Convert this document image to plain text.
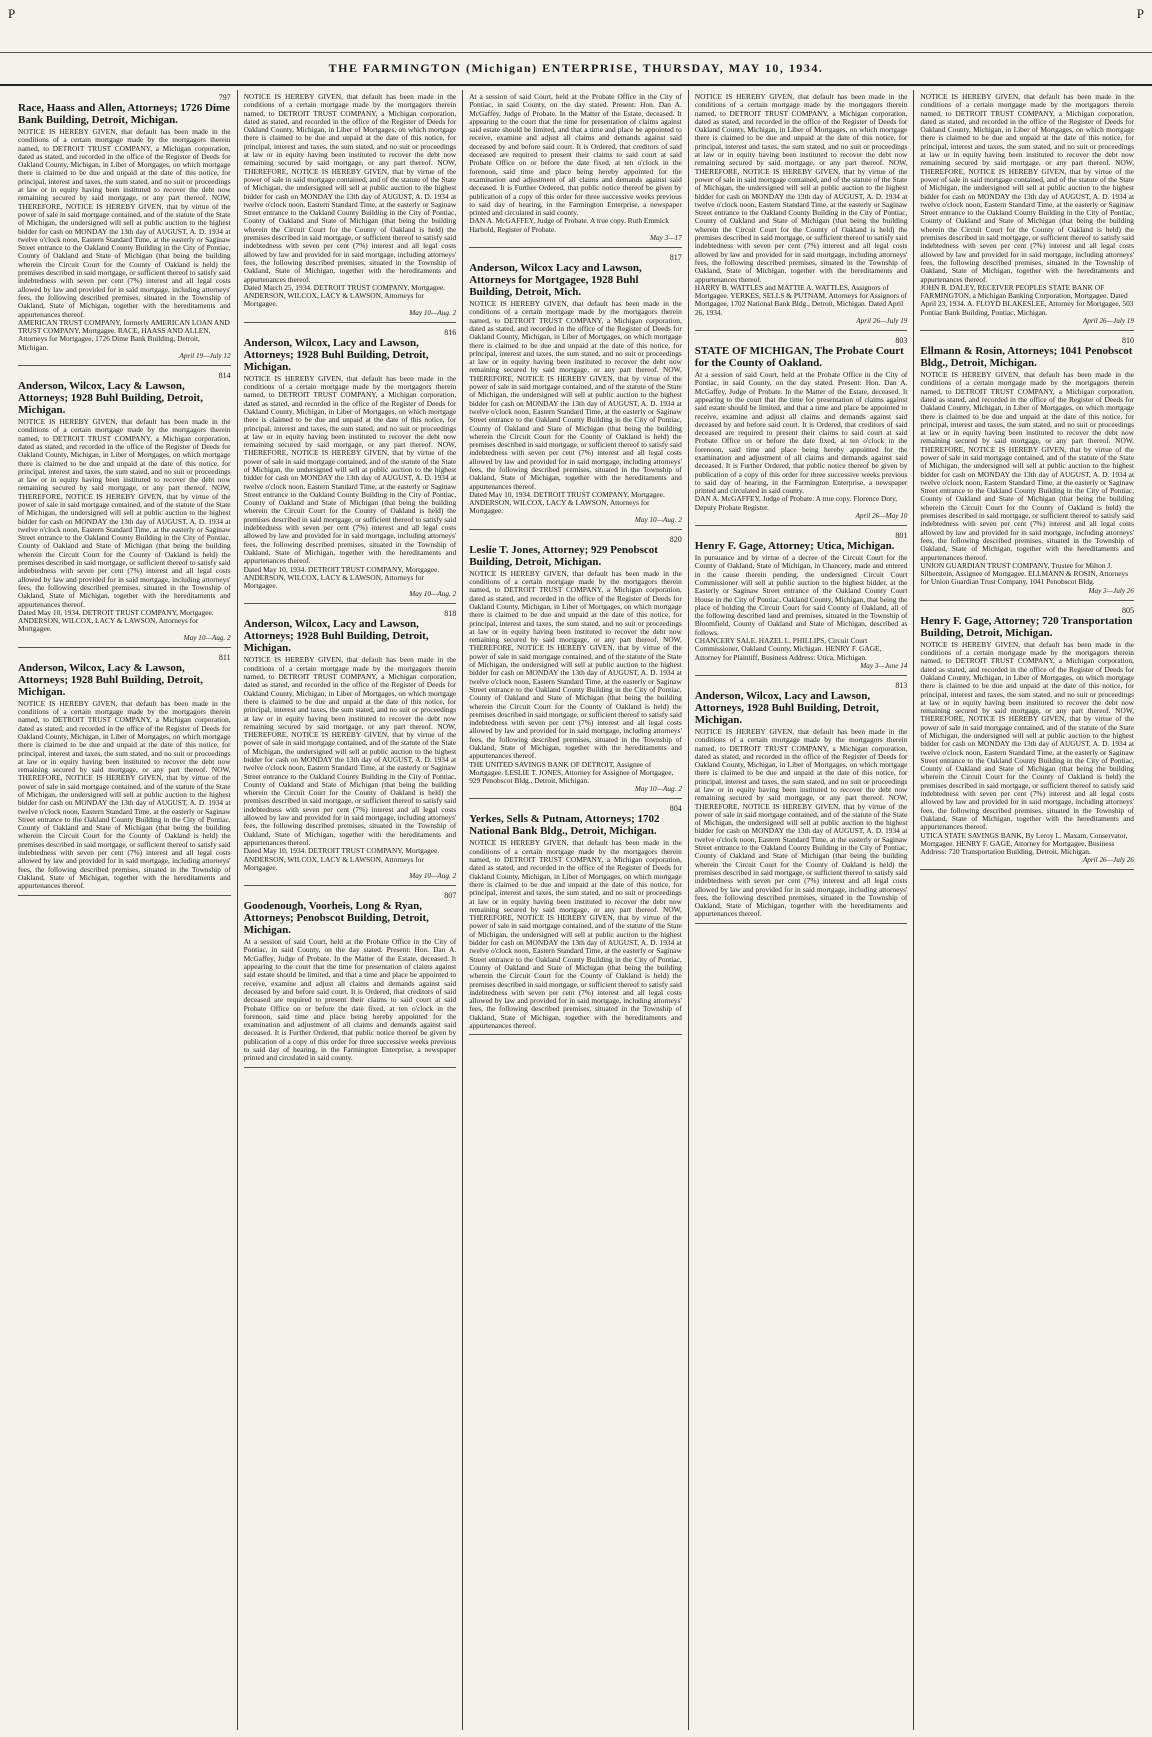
P	P
THE FARMINGTON (Michigan) ENTERPRISE, THURSDAY, MAY 10, 1934.
797
Race, Haass and Allen, Attorneys; 1726 Dime Bank Building, Detroit, Michigan.

NOTICE IS HEREBY GIVEN, that default has been made in the conditions of a certain mortgage made by the mortgagors therein named, to DETROIT TRUST COMPANY, a Michigan corporation, dated as stated, and recorded in the office of the Register of Deeds for Oakland County, Michigan, in Liber of Mortgages, on which mortgage there is claimed to be due and unpaid at the date of this notice, for principal, interest and taxes, the sum stated, and no suit or proceedings at law or in equity having been instituted to recover the debt now remaining secured by said mortgage, or any part thereof. NOW, THEREFORE, NOTICE IS HEREBY GIVEN, that by virtue of the power of sale in said mortgage contained, and of the statute of the State of Michigan, the undersigned will sell at public auction to the highest bidder for cash on MONDAY the 13th day of AUGUST, A. D. 1934 at twelve o'clock noon, Eastern Standard Time, at the easterly or Saginaw Street entrance to the Oakland County Building in the City of Pontiac, County of Oakland and State of Michigan (that being the building wherein the Circuit Court for the County of Oakland is held) the premises described in said mortgage, or sufficient thereof to satisfy said indebtedness with seven per cent (7%) interest and all legal costs allowed by law and provided for in said mortgage, including attorneys' fees, the following described premises, situated in the Township of Oakland, State of Michigan, together with the hereditaments and appurtenances thereof.

AMERICAN TRUST COMPANY, formerly AMERICAN LOAN AND TRUST COMPANY, Mortgagee. RACE, HAASS AND ALLEN, Attorneys for Mortgagee, 1726 Dime Bank Building, Detroit, Michigan.
April 19—July 12
814
Anderson, Wilcox, Lacy & Lawson, Attorneys; 1928 Buhl Building, Detroit, Michigan.

NOTICE IS HEREBY GIVEN, that default has been made in the conditions of a certain mortgage made by the mortgagors therein named, to DETROIT TRUST COMPANY, a Michigan corporation, dated as stated, and recorded in the office of the Register of Deeds for Oakland County, Michigan, in Liber of Mortgages, on which mortgage there is claimed to be due and unpaid at the date of this notice, for principal, interest and taxes, the sum stated, and no suit or proceedings at law or in equity having been instituted to recover the debt now remaining secured by said mortgage, or any part thereof. NOW, THEREFORE, NOTICE IS HEREBY GIVEN, that by virtue of the power of sale in said mortgage contained, and of the statute of the State of Michigan, the undersigned will sell at public auction to the highest bidder for cash on MONDAY the 13th day of AUGUST, A. D. 1934 at twelve o'clock noon, Eastern Standard Time, at the easterly or Saginaw Street entrance to the Oakland County Building in the City of Pontiac, County of Oakland and State of Michigan (that being the building wherein the Circuit Court for the County of Oakland is held) the premises described in said mortgage, or sufficient thereof to satisfy said indebtedness with seven per cent (7%) interest and all legal costs allowed by law and provided for in said mortgage, including attorneys' fees, the following described premises, situated in the Township of Oakland, State of Michigan, together with the hereditaments and appurtenances thereof.

Dated May 10, 1934. DETROIT TRUST COMPANY, Mortgagee. ANDERSON, WILCOX, LACY & LAWSON, Attorneys for Mortgagee.
May 10—Aug. 2
811
Anderson, Wilcox, Lacy & Lawson, Attorneys; 1928 Buhl Building, Detroit, Michigan.

NOTICE IS HEREBY GIVEN, that default has been made in the conditions of a certain mortgage made by the mortgagors therein named, to DETROIT TRUST COMPANY, a Michigan corporation, dated as stated, and recorded in the office of the Register of Deeds for Oakland County, Michigan, in Liber of Mortgages, on which mortgage there is claimed to be due and unpaid at the date of this notice, for principal, interest and taxes, the sum stated, and no suit or proceedings at law or in equity having been instituted to recover the debt now remaining secured by said mortgage, or any part thereof. NOW, THEREFORE, NOTICE IS HEREBY GIVEN, that by virtue of the power of sale in said mortgage contained, and of the statute of the State of Michigan, the undersigned will sell at public auction to the highest bidder for cash on MONDAY the 13th day of AUGUST, A. D. 1934 at twelve o'clock noon, Eastern Standard Time, at the easterly or Saginaw Street entrance to the Oakland County Building in the City of Pontiac, County of Oakland and State of Michigan (that being the building wherein the Circuit Court for the County of Oakland is held) the premises described in said mortgage, or sufficient thereof to satisfy said indebtedness with seven per cent (7%) interest and all legal costs allowed by law and provided for in said mortgage, including attorneys' fees, the following described premises, situated in the Township of Oakland, State of Michigan, together with the hereditaments and appurtenances thereof.

NOTICE IS HEREBY GIVEN, that default has been made in the conditions of a certain mortgage made by the mortgagors therein named, to DETROIT TRUST COMPANY, a Michigan corporation, dated as stated, and recorded in the office of the Register of Deeds for Oakland County, Michigan, in Liber of Mortgages, on which mortgage there is claimed to be due and unpaid at the date of this notice, for principal, interest and taxes, the sum stated, and no suit or proceedings at law or in equity having been instituted to recover the debt now remaining secured by said mortgage, or any part thereof. NOW, THEREFORE, NOTICE IS HEREBY GIVEN, that by virtue of the power of sale in said mortgage contained, and of the statute of the State of Michigan, the undersigned will sell at public auction to the highest bidder for cash on MONDAY the 13th day of AUGUST, A. D. 1934 at twelve o'clock noon, Eastern Standard Time, at the easterly or Saginaw Street entrance to the Oakland County Building in the City of Pontiac, County of Oakland and State of Michigan (that being the building wherein the Circuit Court for the County of Oakland is held) the premises described in said mortgage, or sufficient thereof to satisfy said indebtedness with seven per cent (7%) interest and all legal costs allowed by law and provided for in said mortgage, including attorneys' fees, the following described premises, situated in the Township of Oakland, State of Michigan, together with the hereditaments and appurtenances thereof.

Dated March 25, 1934. DETROIT TRUST COMPANY, Mortgagee. ANDERSON, WILCOX, LACY & LAWSON, Attorneys for Mortgagee.
May 10—Aug. 2
816
Anderson, Wilcox, Lacy and Lawson, Attorneys; 1928 Buhl Building, Detroit, Michigan.

NOTICE IS HEREBY GIVEN, that default has been made in the conditions of a certain mortgage made by the mortgagors therein named, to DETROIT TRUST COMPANY, a Michigan corporation, dated as stated, and recorded in the office of the Register of Deeds for Oakland County, Michigan, in Liber of Mortgages, on which mortgage there is claimed to be due and unpaid at the date of this notice, for principal, interest and taxes, the sum stated, and no suit or proceedings at law or in equity having been instituted to recover the debt now remaining secured by said mortgage, or any part thereof. NOW, THEREFORE, NOTICE IS HEREBY GIVEN, that by virtue of the power of sale in said mortgage contained, and of the statute of the State of Michigan, the undersigned will sell at public auction to the highest bidder for cash on MONDAY the 13th day of AUGUST, A. D. 1934 at twelve o'clock noon, Eastern Standard Time, at the easterly or Saginaw Street entrance to the Oakland County Building in the City of Pontiac, County of Oakland and State of Michigan (that being the building wherein the Circuit Court for the County of Oakland is held) the premises described in said mortgage, or sufficient thereof to satisfy said indebtedness with seven per cent (7%) interest and all legal costs allowed by law and provided for in said mortgage, including attorneys' fees, the following described premises, situated in the Township of Oakland, State of Michigan, together with the hereditaments and appurtenances thereof.

Dated May 10, 1934. DETROIT TRUST COMPANY, Mortgagee. ANDERSON, WILCOX, LACY & LAWSON, Attorneys for Mortgagee.
May 10—Aug. 2
818
Anderson, Wilcox, Lacy and Lawson, Attorneys; 1928 Buhl Building, Detroit, Michigan.

NOTICE IS HEREBY GIVEN, that default has been made in the conditions of a certain mortgage made by the mortgagors therein named, to DETROIT TRUST COMPANY, a Michigan corporation, dated as stated, and recorded in the office of the Register of Deeds for Oakland County, Michigan, in Liber of Mortgages, on which mortgage there is claimed to be due and unpaid at the date of this notice, for principal, interest and taxes, the sum stated, and no suit or proceedings at law or in equity having been instituted to recover the debt now remaining secured by said mortgage, or any part thereof. NOW, THEREFORE, NOTICE IS HEREBY GIVEN, that by virtue of the power of sale in said mortgage contained, and of the statute of the State of Michigan, the undersigned will sell at public auction to the highest bidder for cash on MONDAY the 13th day of AUGUST, A. D. 1934 at twelve o'clock noon, Eastern Standard Time, at the easterly or Saginaw Street entrance to the Oakland County Building in the City of Pontiac, County of Oakland and State of Michigan (that being the building wherein the Circuit Court for the County of Oakland is held) the premises described in said mortgage, or sufficient thereof to satisfy said indebtedness with seven per cent (7%) interest and all legal costs allowed by law and provided for in said mortgage, including attorneys' fees, the following described premises, situated in the Township of Oakland, State of Michigan, together with the hereditaments and appurtenances thereof.

Dated May 10, 1934. DETROIT TRUST COMPANY, Mortgagee. ANDERSON, WILCOX, LACY & LAWSON, Attorneys for Mortgagee.
May 10—Aug. 2
807
Goodenough, Voorheis, Long & Ryan, Attorneys; Penobscot Building, Detroit, Michigan.

At a session of said Court, held at the Probate Office in the City of Pontiac, in said County, on the day stated. Present: Hon. Dan A. McGaffey, Judge of Probate. In the Matter of the Estate, deceased. It appearing to the court that the time for presentation of claims against said estate should be limited, and that a time and place be appointed to receive, examine and adjust all claims and demands against said deceased by and before said court. It is Ordered, that creditors of said deceased are required to present their claims to said court at said Probate Office on or before the date fixed, at ten o'clock in the forenoon, said time and place being hereby appointed for the examination and adjustment of all claims and demands against said deceased. It is Further Ordered, that public notice thereof be given by publication of a copy of this order for three successive weeks previous to said day of hearing, in the Farmington Enterprise, a newspaper printed and circulated in said county.

At a session of said Court, held at the Probate Office in the City of Pontiac, in said County, on the day stated. Present: Hon. Dan A. McGaffey, Judge of Probate. In the Matter of the Estate, deceased. It appearing to the court that the time for presentation of claims against said estate should be limited, and that a time and place be appointed to receive, examine and adjust all claims and demands against said deceased by and before said court. It is Ordered, that creditors of said deceased are required to present their claims to said court at said Probate Office on or before the date fixed, at ten o'clock in the forenoon, said time and place being hereby appointed for the examination and adjustment of all claims and demands against said deceased. It is Further Ordered, that public notice thereof be given by publication of a copy of this order for three successive weeks previous to said day of hearing, in the Farmington Enterprise, a newspaper printed and circulated in said county.

DAN A. McGAFFEY, Judge of Probate. A true copy. Ruth Emmick Harbold, Register of Probate.
May 3—17
817
Anderson, Wilcox Lacy and Lawson, Attorneys for Mortgagee, 1928 Buhl Building, Detroit, Mich.

NOTICE IS HEREBY GIVEN, that default has been made in the conditions of a certain mortgage made by the mortgagors therein named, to DETROIT TRUST COMPANY, a Michigan corporation, dated as stated, and recorded in the office of the Register of Deeds for Oakland County, Michigan, in Liber of Mortgages, on which mortgage there is claimed to be due and unpaid at the date of this notice, for principal, interest and taxes, the sum stated, and no suit or proceedings at law or in equity having been instituted to recover the debt now remaining secured by said mortgage, or any part thereof. NOW, THEREFORE, NOTICE IS HEREBY GIVEN, that by virtue of the power of sale in said mortgage contained, and of the statute of the State of Michigan, the undersigned will sell at public auction to the highest bidder for cash on MONDAY the 13th day of AUGUST, A. D. 1934 at twelve o'clock noon, Eastern Standard Time, at the easterly or Saginaw Street entrance to the Oakland County Building in the City of Pontiac, County of Oakland and State of Michigan (that being the building wherein the Circuit Court for the County of Oakland is held) the premises described in said mortgage, or sufficient thereof to satisfy said indebtedness with seven per cent (7%) interest and all legal costs allowed by law and provided for in said mortgage, including attorneys' fees, the following described premises, situated in the Township of Oakland, State of Michigan, together with the hereditaments and appurtenances thereof.

Dated May 10, 1934. DETROIT TRUST COMPANY, Mortgagee. ANDERSON, WILCOX, LACY & LAWSON, Attorneys for Mortgagee.
May 10—Aug. 2
820
Leslie T. Jones, Attorney; 929 Penobscot Building, Detroit, Michigan.

NOTICE IS HEREBY GIVEN, that default has been made in the conditions of a certain mortgage made by the mortgagors therein named, to DETROIT TRUST COMPANY, a Michigan corporation, dated as stated, and recorded in the office of the Register of Deeds for Oakland County, Michigan, in Liber of Mortgages, on which mortgage there is claimed to be due and unpaid at the date of this notice, for principal, interest and taxes, the sum stated, and no suit or proceedings at law or in equity having been instituted to recover the debt now remaining secured by said mortgage, or any part thereof. NOW, THEREFORE, NOTICE IS HEREBY GIVEN, that by virtue of the power of sale in said mortgage contained, and of the statute of the State of Michigan, the undersigned will sell at public auction to the highest bidder for cash on MONDAY the 13th day of AUGUST, A. D. 1934 at twelve o'clock noon, Eastern Standard Time, at the easterly or Saginaw Street entrance to the Oakland County Building in the City of Pontiac, County of Oakland and State of Michigan (that being the building wherein the Circuit Court for the County of Oakland is held) the premises described in said mortgage, or sufficient thereof to satisfy said indebtedness with seven per cent (7%) interest and all legal costs allowed by law and provided for in said mortgage, including attorneys' fees, the following described premises, situated in the Township of Oakland, State of Michigan, together with the hereditaments and appurtenances thereof.

THE UNITED SAVINGS BANK OF DETROIT, Assignee of Mortgagee. LESLIE T. JONES, Attorney for Assignee of Mortgagee, 929 Penobscot Bldg., Detroit, Michigan.
May 10—Aug. 2
804
Yerkes, Sells & Putnam, Attorneys; 1702 National Bank Bldg., Detroit, Michigan.

NOTICE IS HEREBY GIVEN, that default has been made in the conditions of a certain mortgage made by the mortgagors therein named, to DETROIT TRUST COMPANY, a Michigan corporation, dated as stated, and recorded in the office of the Register of Deeds for Oakland County, Michigan, in Liber of Mortgages, on which mortgage there is claimed to be due and unpaid at the date of this notice, for principal, interest and taxes, the sum stated, and no suit or proceedings at law or in equity having been instituted to recover the debt now remaining secured by said mortgage, or any part thereof. NOW, THEREFORE, NOTICE IS HEREBY GIVEN, that by virtue of the power of sale in said mortgage contained, and of the statute of the State of Michigan, the undersigned will sell at public auction to the highest bidder for cash on MONDAY the 13th day of AUGUST, A. D. 1934 at twelve o'clock noon, Eastern Standard Time, at the easterly or Saginaw Street entrance to the Oakland County Building in the City of Pontiac, County of Oakland and State of Michigan (that being the building wherein the Circuit Court for the County of Oakland is held) the premises described in said mortgage, or sufficient thereof to satisfy said indebtedness with seven per cent (7%) interest and all legal costs allowed by law and provided for in said mortgage, including attorneys' fees, the following described premises, situated in the Township of Oakland, State of Michigan, together with the hereditaments and appurtenances thereof.

NOTICE IS HEREBY GIVEN, that default has been made in the conditions of a certain mortgage made by the mortgagors therein named, to DETROIT TRUST COMPANY, a Michigan corporation, dated as stated, and recorded in the office of the Register of Deeds for Oakland County, Michigan, in Liber of Mortgages, on which mortgage there is claimed to be due and unpaid at the date of this notice, for principal, interest and taxes, the sum stated, and no suit or proceedings at law or in equity having been instituted to recover the debt now remaining secured by said mortgage, or any part thereof. NOW, THEREFORE, NOTICE IS HEREBY GIVEN, that by virtue of the power of sale in said mortgage contained, and of the statute of the State of Michigan, the undersigned will sell at public auction to the highest bidder for cash on MONDAY the 13th day of AUGUST, A. D. 1934 at twelve o'clock noon, Eastern Standard Time, at the easterly or Saginaw Street entrance to the Oakland County Building in the City of Pontiac, County of Oakland and State of Michigan (that being the building wherein the Circuit Court for the County of Oakland is held) the premises described in said mortgage, or sufficient thereof to satisfy said indebtedness with seven per cent (7%) interest and all legal costs allowed by law and provided for in said mortgage, including attorneys' fees, the following described premises, situated in the Township of Oakland, State of Michigan, together with the hereditaments and appurtenances thereof.

HARRY B. WATTLES and MATTIE A. WATTLES, Assignors of Mortgagee. YERKES, SELLS & PUTNAM, Attorneys for Assignors of Mortgagee, 1702 National Bank Bldg., Detroit, Michigan. Dated April 26, 1934.
April 26—July 19
803
STATE OF MICHIGAN, The Probate Court for the County of Oakland.

At a session of said Court, held at the Probate Office in the City of Pontiac, in said County, on the day stated. Present: Hon. Dan A. McGaffey, Judge of Probate. In the Matter of the Estate, deceased. It appearing to the court that the time for presentation of claims against said estate should be limited, and that a time and place be appointed to receive, examine and adjust all claims and demands against said deceased by and before said court. It is Ordered, that creditors of said deceased are required to present their claims to said court at said Probate Office on or before the date fixed, at ten o'clock in the forenoon, said time and place being hereby appointed for the examination and adjustment of all claims and demands against said deceased. It is Further Ordered, that public notice thereof be given by publication of a copy of this order for three successive weeks previous to said day of hearing, in the Farmington Enterprise, a newspaper printed and circulated in said county.

DAN A. McGAFFEY, Judge of Probate. A true copy. Florence Doty, Deputy Probate Register.
April 26—May 10
801
Henry F. Gage, Attorney; Utica, Michigan.

In pursuance and by virtue of a decree of the Circuit Court for the County of Oakland, State of Michigan, in Chancery, made and entered in the cause therein pending, the undersigned Circuit Court Commissioner will sell at public auction to the highest bidder, at the Easterly or Saginaw Street entrance of the Oakland County Court House in the City of Pontiac, Oakland County, Michigan, that being the place of holding the Circuit Court for said County of Oakland, all of the following described land and premises, situated in the Township of Bloomfield, County of Oakland and State of Michigan, described as follows.

CHANCERY SALE. HAZEL L. PHILLIPS, Circuit Court Commissioner, Oakland County, Michigan. HENRY F. GAGE, Attorney for Plaintiff, Business Address: Utica, Michigan.
May 3—June 14
813
Anderson, Wilcox, Lacy and Lawson, Attorneys, 1928 Buhl Building, Detroit, Michigan.

NOTICE IS HEREBY GIVEN, that default has been made in the conditions of a certain mortgage made by the mortgagors therein named, to DETROIT TRUST COMPANY, a Michigan corporation, dated as stated, and recorded in the office of the Register of Deeds for Oakland County, Michigan, in Liber of Mortgages, on which mortgage there is claimed to be due and unpaid at the date of this notice, for principal, interest and taxes, the sum stated, and no suit or proceedings at law or in equity having been instituted to recover the debt now remaining secured by said mortgage, or any part thereof. NOW, THEREFORE, NOTICE IS HEREBY GIVEN, that by virtue of the power of sale in said mortgage contained, and of the statute of the State of Michigan, the undersigned will sell at public auction to the highest bidder for cash on MONDAY the 13th day of AUGUST, A. D. 1934 at twelve o'clock noon, Eastern Standard Time, at the easterly or Saginaw Street entrance to the Oakland County Building in the City of Pontiac, County of Oakland and State of Michigan (that being the building wherein the Circuit Court for the County of Oakland is held) the premises described in said mortgage, or sufficient thereof to satisfy said indebtedness with seven per cent (7%) interest and all legal costs allowed by law and provided for in said mortgage, including attorneys' fees, the following described premises, situated in the Township of Oakland, State of Michigan, together with the hereditaments and appurtenances thereof.

NOTICE IS HEREBY GIVEN, that default has been made in the conditions of a certain mortgage made by the mortgagors therein named, to DETROIT TRUST COMPANY, a Michigan corporation, dated as stated, and recorded in the office of the Register of Deeds for Oakland County, Michigan, in Liber of Mortgages, on which mortgage there is claimed to be due and unpaid at the date of this notice, for principal, interest and taxes, the sum stated, and no suit or proceedings at law or in equity having been instituted to recover the debt now remaining secured by said mortgage, or any part thereof. NOW, THEREFORE, NOTICE IS HEREBY GIVEN, that by virtue of the power of sale in said mortgage contained, and of the statute of the State of Michigan, the undersigned will sell at public auction to the highest bidder for cash on MONDAY the 13th day of AUGUST, A. D. 1934 at twelve o'clock noon, Eastern Standard Time, at the easterly or Saginaw Street entrance to the Oakland County Building in the City of Pontiac, County of Oakland and State of Michigan (that being the building wherein the Circuit Court for the County of Oakland is held) the premises described in said mortgage, or sufficient thereof to satisfy said indebtedness with seven per cent (7%) interest and all legal costs allowed by law and provided for in said mortgage, including attorneys' fees, the following described premises, situated in the Township of Oakland, State of Michigan, together with the hereditaments and appurtenances thereof.

JOHN R. DALEY, RECEIVER PEOPLES STATE BANK OF FARMINGTON, a Michigan Banking Corporation, Mortgagee. Dated April 23, 1934. A. FLOYD BLAKESLEE, Attorney for Mortgagee, 503 Pontiac Bank Building, Pontiac, Michigan.
April 26—July 19
810
Ellmann & Rosin, Attorneys; 1041 Penobscot Bldg., Detroit, Michigan.

NOTICE IS HEREBY GIVEN, that default has been made in the conditions of a certain mortgage made by the mortgagors therein named, to DETROIT TRUST COMPANY, a Michigan corporation, dated as stated, and recorded in the office of the Register of Deeds for Oakland County, Michigan, in Liber of Mortgages, on which mortgage there is claimed to be due and unpaid at the date of this notice, for principal, interest and taxes, the sum stated, and no suit or proceedings at law or in equity having been instituted to recover the debt now remaining secured by said mortgage, or any part thereof. NOW, THEREFORE, NOTICE IS HEREBY GIVEN, that by virtue of the power of sale in said mortgage contained, and of the statute of the State of Michigan, the undersigned will sell at public auction to the highest bidder for cash on MONDAY the 13th day of AUGUST, A. D. 1934 at twelve o'clock noon, Eastern Standard Time, at the easterly or Saginaw Street entrance to the Oakland County Building in the City of Pontiac, County of Oakland and State of Michigan (that being the building wherein the Circuit Court for the County of Oakland is held) the premises described in said mortgage, or sufficient thereof to satisfy said indebtedness with seven per cent (7%) interest and all legal costs allowed by law and provided for in said mortgage, including attorneys' fees, the following described premises, situated in the Township of Oakland, State of Michigan, together with the hereditaments and appurtenances thereof.

UNION GUARDIAN TRUST COMPANY, Trustee for Milton J. Silberstein, Assignee of Mortgagee. ELLMANN & ROSIN, Attorneys for Union Guardian Trust Company, 1041 Penobscot Bldg.
May 3—July 26
805
Henry F. Gage, Attorney; 720 Transportation Building, Detroit, Michigan.

NOTICE IS HEREBY GIVEN, that default has been made in the conditions of a certain mortgage made by the mortgagors therein named, to DETROIT TRUST COMPANY, a Michigan corporation, dated as stated, and recorded in the office of the Register of Deeds for Oakland County, Michigan, in Liber of Mortgages, on which mortgage there is claimed to be due and unpaid at the date of this notice, for principal, interest and taxes, the sum stated, and no suit or proceedings at law or in equity having been instituted to recover the debt now remaining secured by said mortgage, or any part thereof. NOW, THEREFORE, NOTICE IS HEREBY GIVEN, that by virtue of the power of sale in said mortgage contained, and of the statute of the State of Michigan, the undersigned will sell at public auction to the highest bidder for cash on MONDAY the 13th day of AUGUST, A. D. 1934 at twelve o'clock noon, Eastern Standard Time, at the easterly or Saginaw Street entrance to the Oakland County Building in the City of Pontiac, County of Oakland and State of Michigan (that being the building wherein the Circuit Court for the County of Oakland is held) the premises described in said mortgage, or sufficient thereof to satisfy said indebtedness with seven per cent (7%) interest and all legal costs allowed by law and provided for in said mortgage, including attorneys' fees, the following described premises, situated in the Township of Oakland, State of Michigan, together with the hereditaments and appurtenances thereof.

UTICA STATE SAVINGS BANK, By Leroy L. Maxam, Conservator, Mortgagee. HENRY F. GAGE, Attorney for Mortgagee, Business Address: 720 Transportation Building, Detroit, Michigan.
April 26—July 26
